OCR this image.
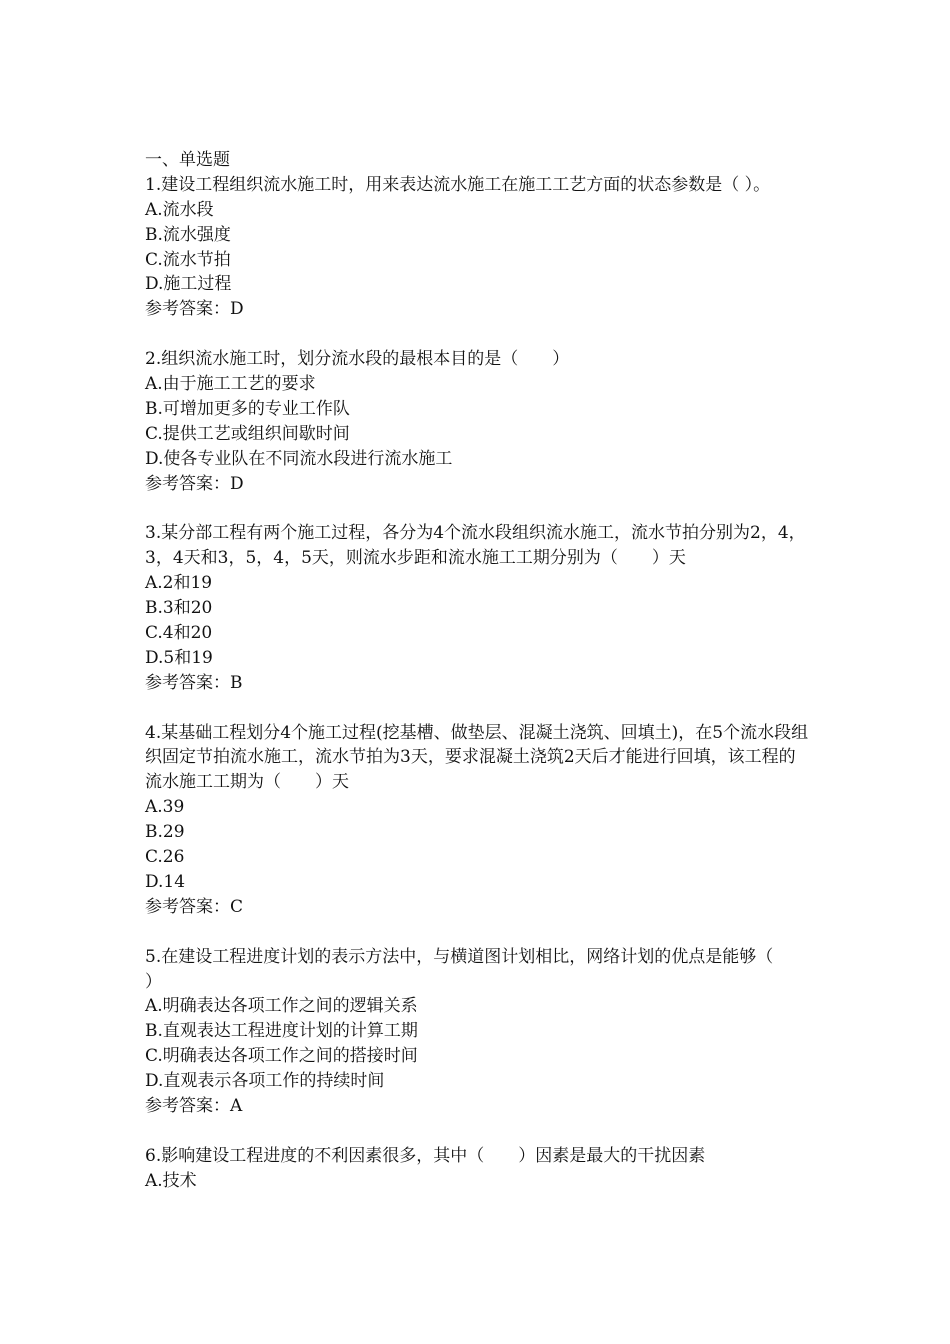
一、单选题
1.建设工程组织流水施工时，用来表达流水施工在施工工艺方面的状态参数是（ ）。
A.流水段
B.流水强度
C.流水节拍
D.施工过程
参考答案：D
2.组织流水施工时，划分流水段的最根本目的是（　　）
A.由于施工工艺的要求
B.可增加更多的专业工作队
C.提供工艺或组织间歇时间
D.使各专业队在不同流水段进行流水施工
参考答案：D
3.某分部工程有两个施工过程，各分为4个流水段组织流水施工，流水节拍分别为2，4，3，4天和3，5，4，5天，则流水步距和流水施工工期分别为（　　）天
A.2和19
B.3和20
C.4和20
D.5和19
参考答案：B
4.某基础工程划分4个施工过程(挖基槽、做垫层、混凝土浇筑、回填土)，在5个流水段组织固定节拍流水施工，流水节拍为3天，要求混凝土浇筑2天后才能进行回填，该工程的流水施工工期为（　　）天
A.39
B.29
C.26
D.14
参考答案：C
5.在建设工程进度计划的表示方法中，与横道图计划相比，网络计划的优点是能够（　　）
A.明确表达各项工作之间的逻辑关系
B.直观表达工程进度计划的计算工期
C.明确表达各项工作之间的搭接时间
D.直观表示各项工作的持续时间
参考答案：A
6.影响建设工程进度的不利因素很多，其中（　　）因素是最大的干扰因素
A.技术
